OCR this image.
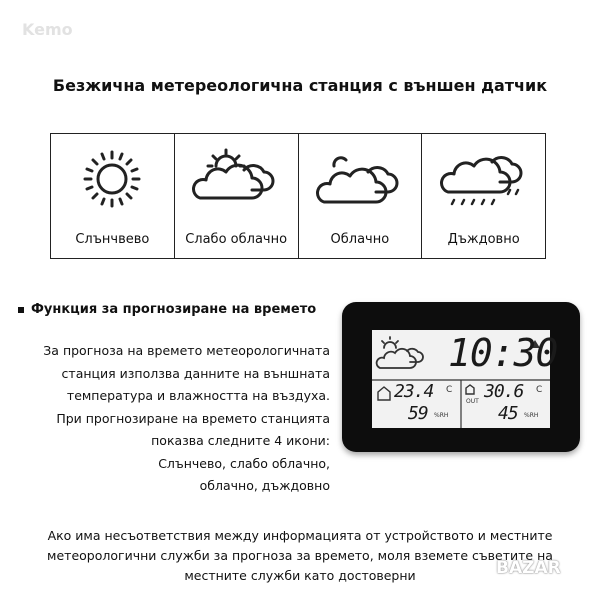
Kemo
Безжична метереологична станция с външен датчик
Слънчвево	Слабо облачно	Облачно	Дъждовно
Функция за прогнозиране на времето
За прогноза на времето метеорологичната
станция използва данните на външната
температура и влажността на въздуха.
При прогнозиране на времето станцията
показва следните 4 икони:
Слънчево, слабо облачно,
облачно, дъждовно
10:30
23.4 C
59 %RH
OUT 30.6 C
45 %RH
Ако има несъответствия между информацията от устройството и местните
метеорологични служби за прогноза за времето, моля вземете съветите на
местните служби като достоверни	BAZAR
